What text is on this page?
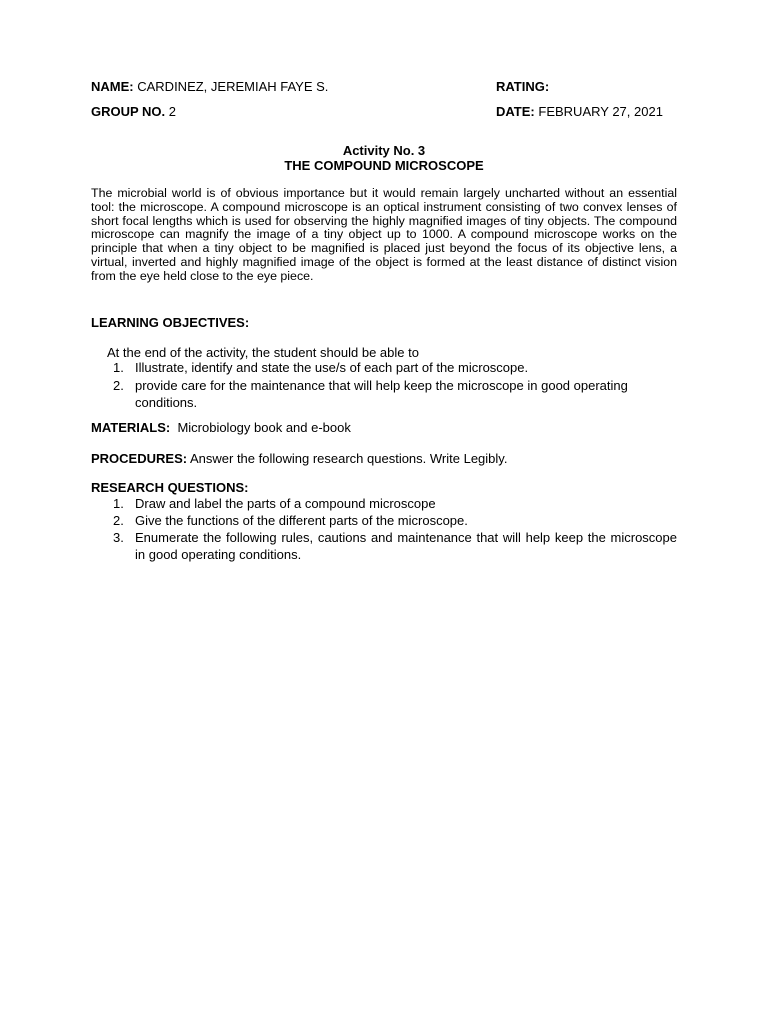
NAME: CARDINEZ, JEREMIAH FAYE S.	RATING:
GROUP NO. 2	DATE: FEBRUARY 27, 2021
Activity No. 3
THE COMPOUND MICROSCOPE

The microbial world is of obvious importance but it would remain largely uncharted without an essential tool: the microscope. A compound microscope is an optical instrument consisting of two convex lenses of short focal lengths which is used for observing the highly magnified images of tiny objects. The compound microscope can magnify the image of a tiny object up to 1000. A compound microscope works on the principle that when a tiny object to be magnified is placed just beyond the focus of its objective lens, a virtual, inverted and highly magnified image of the object is formed at the least distance of distinct vision from the eye held close to the eye piece.

LEARNING OBJECTIVES:
At the end of the activity, the student should be able to
1. Illustrate, identify and state the use/s of each part of the microscope.
2. provide care for the maintenance that will help keep the microscope in good operating conditions.
MATERIALS: Microbiology book and e-book
PROCEDURES: Answer the following research questions. Write Legibly.
RESEARCH QUESTIONS:
1. Draw and label the parts of a compound microscope
2. Give the functions of the different parts of the microscope.
3. Enumerate the following rules, cautions and maintenance that will help keep the microscope in good operating conditions.
